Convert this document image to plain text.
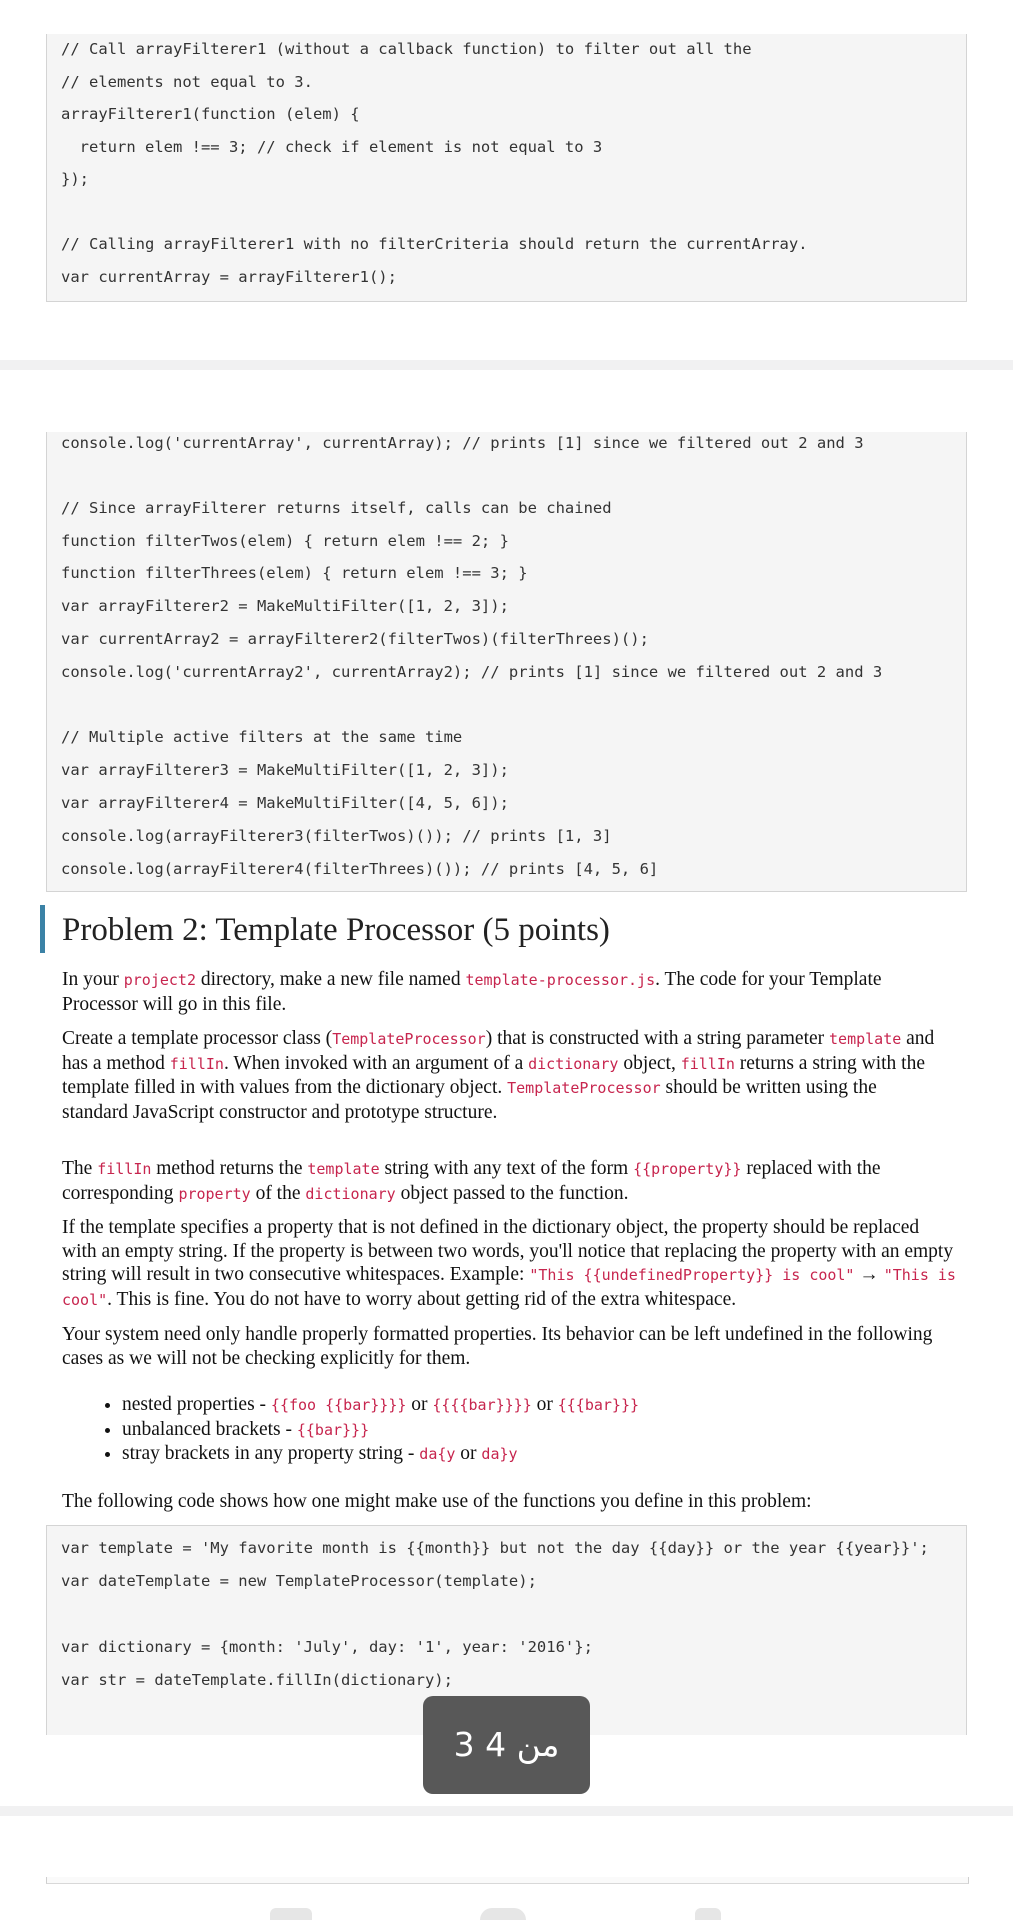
// Call arrayFilterer1 (without a callback function) to filter out all the
// elements not equal to 3.
arrayFilterer1(function (elem) {
return elem !== 3; // check if element is not equal to 3
});
// Calling arrayFilterer1 with no filterCriteria should return the currentArray.
var currentArray = arrayFilterer1();
console.log('currentArray', currentArray); // prints [1] since we filtered out 2 and 3
// Since arrayFilterer returns itself, calls can be chained
function filterTwos(elem) { return elem !== 2; }
function filterThrees(elem) { return elem !== 3; }
var arrayFilterer2 = MakeMultiFilter([1, 2, 3]);
var currentArray2 = arrayFilterer2(filterTwos)(filterThrees)();
console.log('currentArray2', currentArray2); // prints [1] since we filtered out 2 and 3
// Multiple active filters at the same time
var arrayFilterer3 = MakeMultiFilter([1, 2, 3]);
var arrayFilterer4 = MakeMultiFilter([4, 5, 6]);
console.log(arrayFilterer3(filterTwos)()); // prints [1, 3]
console.log(arrayFilterer4(filterThrees)()); // prints [4, 5, 6]
Problem 2: Template Processor (5 points)
In your project2 directory, make a new file named template-processor.js. The code for your Template Processor will go in this file.
Create a template processor class (TemplateProcessor) that is constructed with a string parameter template and has a method fillIn. When invoked with an argument of a dictionary object, fillIn returns a string with the template filled in with values from the dictionary object. TemplateProcessor should be written using the standard JavaScript constructor and prototype structure.
The fillIn method returns the template string with any text of the form {{property}} replaced with the corresponding property of the dictionary object passed to the function.
If the template specifies a property that is not defined in the dictionary object, the property should be replaced with an empty string. If the property is between two words, you'll notice that replacing the property with an empty string will result in two consecutive whitespaces. Example: "This {{undefinedProperty}} is cool" → "This is cool". This is fine. You do not have to worry about getting rid of the extra whitespace.
Your system need only handle properly formatted properties. Its behavior can be left undefined in the following cases as we will not be checking explicitly for them.
• nested properties - {{foo {{bar}}}} or {{{{bar}}}} or {{{bar}}}
• unbalanced brackets - {{bar}}}
• stray brackets in any property string - da{y or da}y
The following code shows how one might make use of the functions you define in this problem:
var template = 'My favorite month is {{month}} but not the day {{day}} or the year {{year}}';
var dateTemplate = new TemplateProcessor(template);
var dictionary = {month: 'July', day: '1', year: '2016'};
var str = dateTemplate.fillIn(dictionary);
3 من 4
